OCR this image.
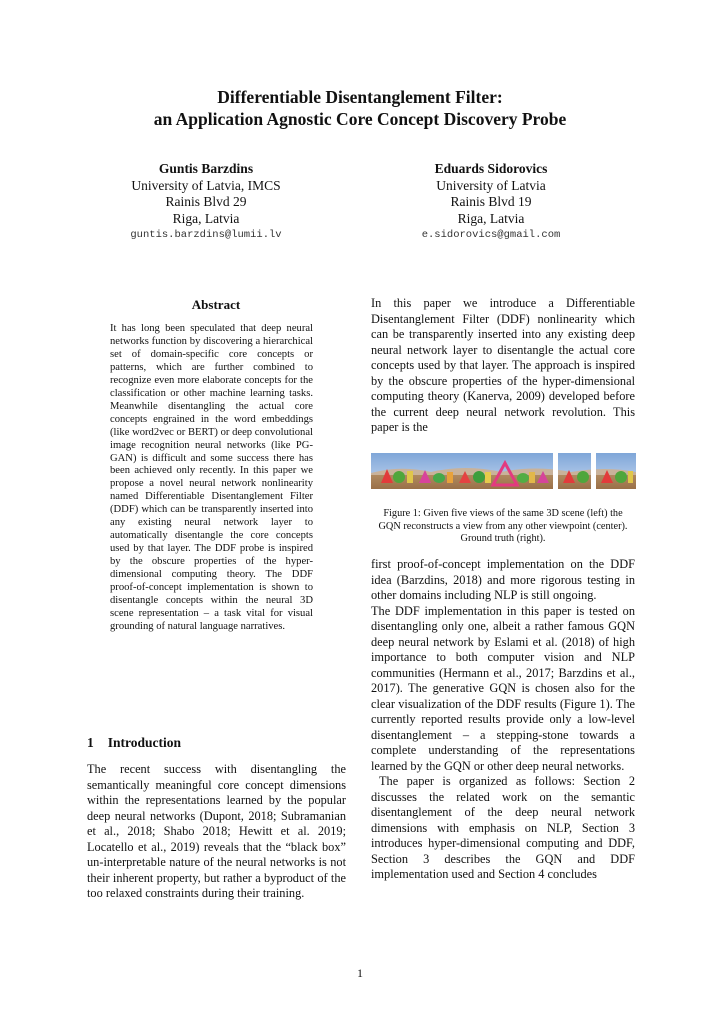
Differentiable Disentanglement Filter:
an Application Agnostic Core Concept Discovery Probe
Guntis Barzdins
University of Latvia, IMCS
Rainis Blvd 29
Riga, Latvia
guntis.barzdins@lumii.lv
Eduards Sidorovics
University of Latvia
Rainis Blvd 19
Riga, Latvia
e.sidorovics@gmail.com
Abstract
It has long been speculated that deep neural networks function by discovering a hierarchical set of domain-specific core concepts or patterns, which are further combined to recognize even more elaborate concepts for the classification or other machine learning tasks. Meanwhile disentangling the actual core concepts engrained in the word embeddings (like word2vec or BERT) or deep convolutional image recognition neural networks (like PG-GAN) is difficult and some success there has been achieved only recently. In this paper we propose a novel neural network nonlinearity named Differentiable Disentanglement Filter (DDF) which can be transparently inserted into any existing neural network layer to automatically disentangle the core concepts used by that layer. The DDF probe is inspired by the obscure properties of the hyper-dimensional computing theory. The DDF proof-of-concept implementation is shown to disentangle concepts within the neural 3D scene representation – a task vital for visual grounding of natural language narratives.
1 Introduction
The recent success with disentangling the semantically meaningful core concept dimensions within the representations learned by the popular deep neural networks (Dupont, 2018; Subramanian et al., 2018; Shabo 2018; Hewitt et al. 2019; Locatello et al., 2019) reveals that the “black box” un-interpretable nature of the neural networks is not their inherent property, but rather a byproduct of the too relaxed constraints during their training.
In this paper we introduce a Differentiable Disentanglement Filter (DDF) nonlinearity which can be transparently inserted into any existing deep neural network layer to disentangle the actual core concepts used by that layer. The approach is inspired by the obscure properties of the hyper-dimensional computing theory (Kanerva, 2009) developed before the current deep neural network revolution. This paper is the
Figure 1: Given five views of the same 3D scene (left) the GQN reconstructs a view from any other viewpoint (center). Ground truth (right).

first proof-of-concept implementation on the DDF idea (Barzdins, 2018) and more rigorous testing in other domains including NLP is still ongoing.

The DDF implementation in this paper is tested on disentangling only one, albeit a rather famous GQN deep neural network by Eslami et al. (2018) of high importance to both computer vision and NLP communities (Hermann et al., 2017; Barzdins et al., 2017). The generative GQN is chosen also for the clear visualization of the DDF results (Figure 1). The currently reported results provide only a low-level disentanglement – a stepping-stone towards a complete understanding of the representations learned by the GQN or other deep neural networks.

The paper is organized as follows: Section 2 discusses the related work on the semantic disentanglement of the deep neural network dimensions with emphasis on NLP, Section 3 introduces hyper-dimensional computing and DDF, Section 3 describes the GQN and DDF implementation used and Section 4 concludes

1
